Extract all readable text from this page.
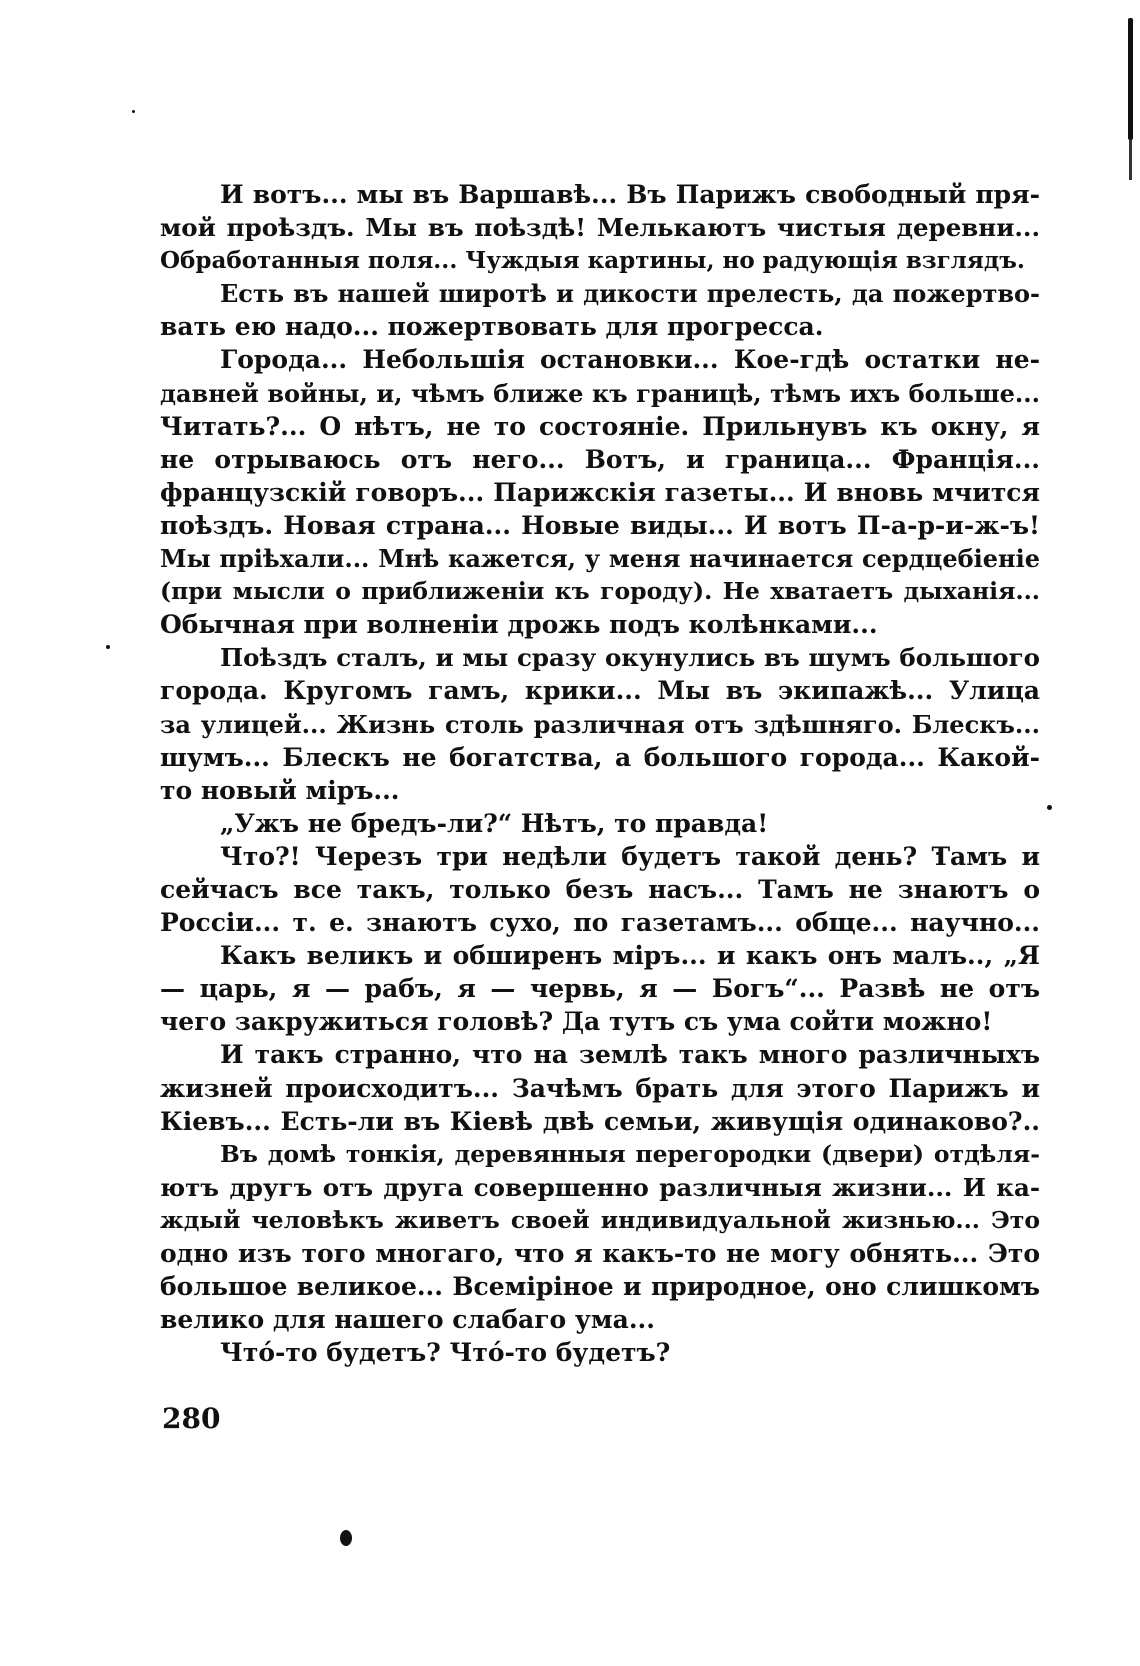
И вотъ... мы въ Варшавѣ... Въ Парижъ свободный пря-
мой проѣздъ. Мы въ поѣздѣ! Мелькаютъ чистыя деревни...
Обработанныя поля... Чуждыя картины, но радующія взглядъ.
Есть въ нашей широтѣ и дикости прелесть, да пожертво-
вать ею надо... пожертвовать для прогресса.
Города... Небольшія остановки... Кое-гдѣ остатки не-
давней войны, и, чѣмъ ближе къ границѣ, тѣмъ ихъ больше...
Читать?... О нѣтъ, не то состояніе. Прильнувъ къ окну, я
не отрываюсь отъ него... Вотъ, и граница... Франція...
французскій говоръ... Парижскія газеты... И вновь мчится
поѣздъ. Новая страна... Новые виды... И вотъ П-а-р-и-ж-ъ!
Мы пріѣхали... Мнѣ кажется, у меня начинается сердцебіеніе
(при мысли о приближеніи къ городу). Не хватаетъ дыханія...
Обычная при волненіи дрожь подъ колѣнками...
Поѣздъ сталъ, и мы сразу окунулись въ шумъ большого
города. Кругомъ гамъ, крики... Мы въ экипажѣ... Улица
за улицей... Жизнь столь различная отъ здѣшняго. Блескъ...
шумъ... Блескъ не богатства, а большого города... Какой-
то новый міръ...
„Ужъ не бредъ-ли?“ Нѣтъ, то правда!
Что?! Черезъ три недѣли будетъ такой день? Тамъ и
сейчасъ все такъ, только безъ насъ... Тамъ не знаютъ о
Россіи... т. е. знаютъ сухо, по газетамъ... обще... научно...
Какъ великъ и обширенъ міръ... и какъ онъ малъ.., „Я
— царь, я — рабъ, я — червь, я — Богъ“... Развѣ не отъ
чего закружиться головѣ? Да тутъ съ ума сойти можно!
И такъ странно, что на землѣ такъ много различныхъ
жизней происходитъ... Зачѣмъ брать для этого Парижъ и
Кіевъ... Есть-ли въ Кіевѣ двѣ семьи, живущія одинаково?..
Въ домѣ тонкія, деревянныя перегородки (двери) отдѣля-
ютъ другъ отъ друга совершенно различныя жизни... И ка-
ждый человѣкъ живетъ своей индивидуальной жизнью... Это
одно изъ того многаго, что я какъ-то не могу обнять... Это
большое великое... Всеміріное и природное, оно слишкомъ
велико для нашего слабаго ума...
Чтó-то будетъ? Чтó-то будетъ?
280
